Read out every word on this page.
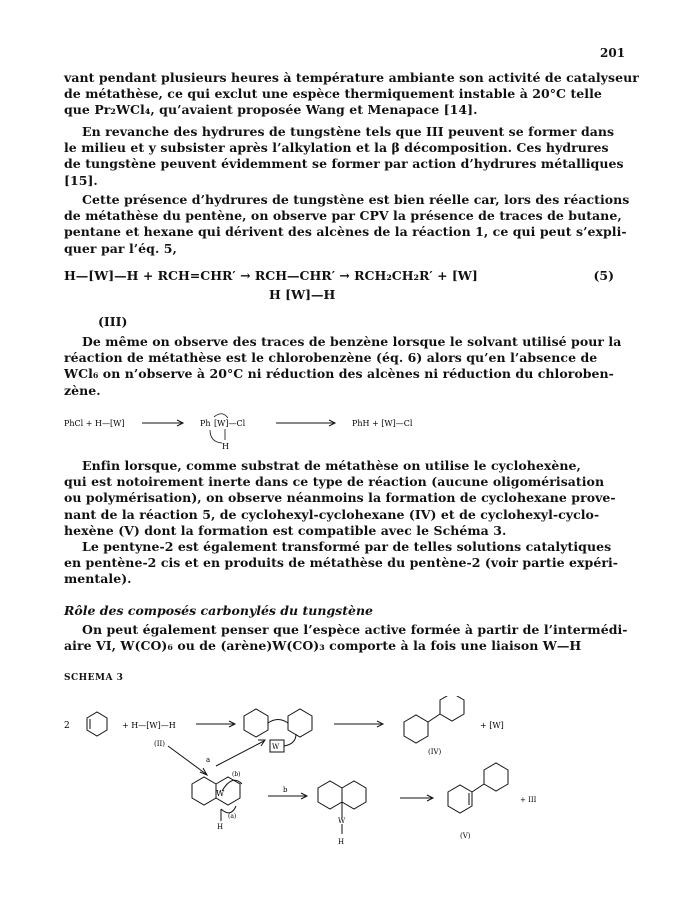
201

vant pendant plusieurs heures à température ambiante son activité de catalyseur
de métathèse, ce qui exclut une espèce thermiquement instable à 20°C telle
que Pr₂WCl₄, qu’avaient proposée Wang et Menapace [14].

En revanche des hydrures de tungstène tels que III peuvent se former dans
le milieu et y subsister après l’alkylation et la β décomposition. Ces hydrures
de tungstène peuvent évidemment se former par action d’hydrures métalliques
[15].

Cette présence d’hydrures de tungstène est bien réelle car, lors des réactions
de métathèse du pentène, on observe par CPV la présence de traces de butane,
pentane et hexane qui dérivent des alcènes de la réaction 1, ce qui peut s’expli-
quer par l’éq. 5,

H—[W]—H + RCH=CHR′ → RCH—CHR′ → RCH₂CH₂R′ + [W]
H [W]—H
(5)
(III)

De même on observe des traces de benzène lorsque le solvant utilisé pour la
réaction de métathèse est le chlorobenzène (éq. 6) alors qu’en l’absence de
WCl₆ on n’observe à 20°C ni réduction des alcènes ni réduction du chloroben-
zène.

PhCl + H—[W]	Ph [W]—Cl
H
PhH + [W]—Cl

Enfin lorsque, comme substrat de métathèse on utilise le cyclohexène,
qui est notoirement inerte dans ce type de réaction (aucune oligomérisation
ou polymérisation), on observe néanmoins la formation de cyclohexane prove-
nant de la réaction 5, de cyclohexyl-cyclohexane (IV) et de cyclohexyl-cyclo-
hexène (V) dont la formation est compatible avec le Schéma 3.
Le pentyne-2 est également transformé par de telles solutions catalytiques
en pentène-2 cis et en produits de métathèse du pentène-2 (voir partie expéri-
mentale).

Rôle des composés carbonylés du tungstène

On peut également penser que l’espèce active formée à partir de l’intermédi-
aire VI, W(CO)₆ ou de (arène)W(CO)₃ comporte à la fois une liaison W—H

SCHEMA 3
2	+ H—[W]—H
(II)	W
+ [W]
(IV)
a
(b)
W
(a)
H
b
W
H
+ III
(V)
